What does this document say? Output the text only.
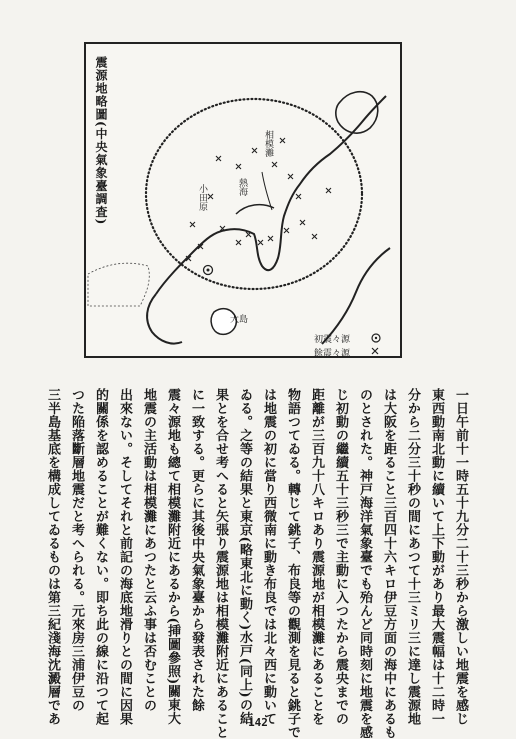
震源地略圖(中央氣象臺調査)	相模灘
小田原	熱海
大島
初震々源
餘震々源
一日午前十一時五十九分二十三秒から激しい地震を感じ
東西動南北動に續いて上下動があり最大震幅は十二時一
分から二分三十秒の間にあつて十三ミリ三に達し震源地
は大阪を距ること三百四十六キロ伊豆方面の海中にあるも
のとされた。神戸海洋氣象臺でも殆んど同時刻に地震を感
じ初動の繼續五十三秒三で主動に入つたから震央までの
距離が三百九十八キロあり震源地が相模灘にあることを
物語つてゐる。轉じて銚子、布良等の觀測を見ると銚子で
は地震の初に當り西微南に動き布良では北々西に動いて
ゐる。之等の結果と東京(略東北に動く)水戸(同上)の結
果とを合せ考へると矢張り震源地は相模灘附近にあること
に一致する。更らに其後中央氣象臺から發表された餘
震々源地も總て相模灘附近にあるから(挿圖參照)關東大
地震の主活動は相模灘にあつたと云ふ事は否むことの
出來ない。そしてそれと前記の海底地滑りとの間に因果
的關係を認めることが難くない。即ち此の線に沿つて起
つた陥落斷層地震だと考へられる。元來房三浦伊豆の
三半島基底を構成してゐるものは第三紀淺海沈澱層であ	142
